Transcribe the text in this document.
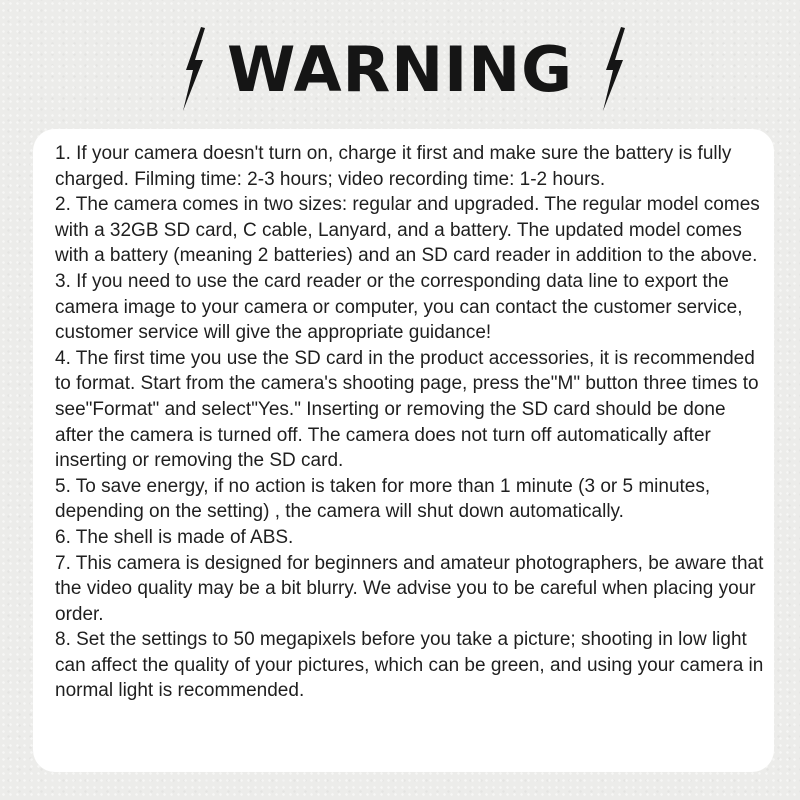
WARNING

1. If your camera doesn't turn on, charge it first and make sure the battery is fully charged. Filming time: 2-3 hours; video recording time: 1-2 hours.

2. The camera comes in two sizes: regular and upgraded. The regular model comes with a 32GB SD card, C cable, Lanyard, and a battery. The updated model comes with a battery (meaning 2 batteries) and an SD card reader in addition to the above.

3. If you need to use the card reader or the corresponding data line to export the camera image to your camera or computer, you can contact the customer service, customer service will give the appropriate guidance!

4. The first time you use the SD card in the product accessories, it is recommended to format. Start from the camera's shooting page, press the"M" button three times to see"Format" and select"Yes." Inserting or removing the SD card should be done after the camera is turned off. The camera does not turn off automatically after inserting or removing the SD card.

5. To save energy, if no action is taken for more than 1 minute (3 or 5 minutes, depending on the setting) , the camera will shut down automatically.

6. The shell is made of ABS.

7. This camera is designed for beginners and amateur photographers, be aware that the video quality may be a bit blurry. We advise you to be careful when placing your order.

8. Set the settings to 50 megapixels before you take a picture; shooting in low light can affect the quality of your pictures, which can be green, and using your camera in normal light is recommended.
